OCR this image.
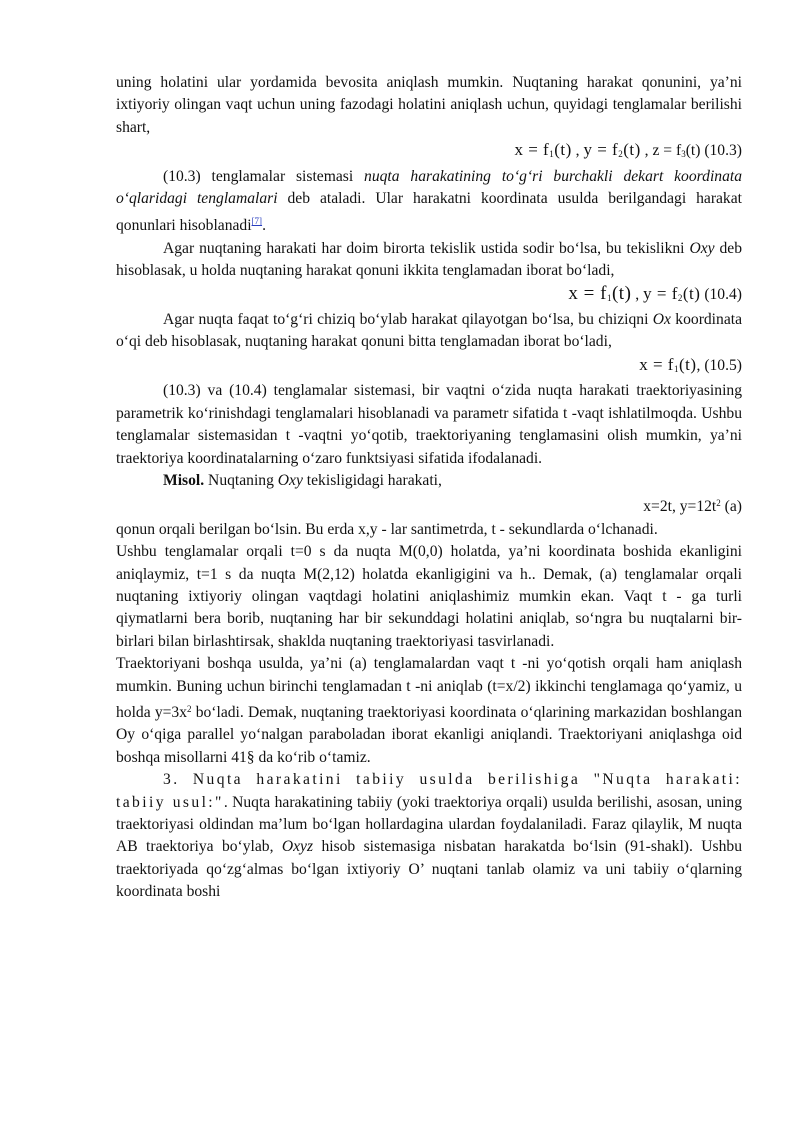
uning holatini ular yordamida bevosita aniqlash mumkin. Nuqtaning harakat qonunini, ya’ni ixtiyoriy olingan vaqt uchun uning fazodagi holatini aniqlash uchun, quyidagi tenglamalar berilishi shart,

$x = f_1(t)$ , $y = f_2(t)$ , $z = f_3(t)$ (10.3)

(10.3) tenglamalar sistemasi nuqta harakatining to‘g‘ri burchakli dekart koordinata o‘qlaridagi tenglamalari deb ataladi. Ular harakatni koordinata usulda berilgandagi harakat qonunlari hisoblanadi[7].

Agar nuqtaning harakati har doim birorta tekislik ustida sodir bo‘lsa, bu tekislikni Oxy deb hisoblasak, u holda nuqtaning harakat qonuni ikkita tenglamadan iborat bo‘ladi,

$x = f_1(t)$ , $y = f_2(t)$ (10.4)

Agar nuqta faqat to‘g‘ri chiziq bo‘ylab harakat qilayotgan bo‘lsa, bu chiziqni Ox koordinata o‘qi deb hisoblasak, nuqtaning harakat qonuni bitta tenglamadan iborat bo‘ladi,

$x = f_1(t)$, (10.5)

(10.3) va (10.4) tenglamalar sistemasi, bir vaqtni o‘zida nuqta harakati traektoriyasining parametrik ko‘rinishdagi tenglamalari hisoblanadi va parametr sifatida t -vaqt ishlatilmoqda. Ushbu tenglamalar sistemasidan t -vaqtni yo‘qotib, traektoriyaning tenglamasini olish mumkin, ya’ni traektoriya koordinatalarning o‘zaro funktsiyasi sifatida ifodalanadi.

Misol. Nuqtaning Oxy tekisligidagi harakati,

x=2t, $y=12t^2$ (a)

qonun orqali berilgan bo‘lsin. Bu erda x,y - lar santimetrda, t - sekundlarda o‘lchanadi.

Ushbu tenglamalar orqali t=0 s da nuqta M(0,0) holatda, ya’ni koordinata boshida ekanligini aniqlaymiz, t=1 s da nuqta M(2,12) holatda ekanligigini va h.. Demak, (a) tenglamalar orqali nuqtaning ixtiyoriy olingan vaqtdagi holatini aniqlashimiz mumkin ekan. Vaqt t - ga turli qiymatlarni bera borib, nuqtaning har bir sekunddagi holatini aniqlab, so‘ngra bu nuqtalarni bir-birlari bilan birlashtirsak, shaklda nuqtaning traektoriyasi tasvirlanadi.

Traektoriyani boshqa usulda, ya’ni (a) tenglamalardan vaqt t -ni yo‘qotish orqali ham aniqlash mumkin. Buning uchun birinchi tenglamadan t -ni aniqlab (t=x/2) ikkinchi tenglamaga qo‘yamiz, u holda $y=3x^2$ bo‘ladi. Demak, nuqtaning traektoriyasi koordinata o‘qlarining markazidan boshlangan Oy o‘qiga parallel yo‘nalgan paraboladan iborat ekanligi aniqlandi. Traektoriyani aniqlashga oid boshqa misollarni 41§ da ko‘rib o‘tamiz.

3. Nuqta harakatini tabiiy usulda berilishiga "Nuqta harakati: tabiiy usul:". Nuqta harakatining tabiiy (yoki traektoriya orqali) usulda berilishi, asosan, uning traektoriyasi oldindan ma’lum bo‘lgan hollardagina ulardan foydalaniladi. Faraz qilaylik, M nuqta AB traektoriya bo‘ylab, Oxyz hisob sistemasiga nisbatan harakatda bo‘lsin (91-shakl). Ushbu traektoriyada qo‘zg‘almas bo‘lgan ixtiyoriy O’ nuqtani tanlab olamiz va uni tabiiy o‘qlarning koordinata boshi
